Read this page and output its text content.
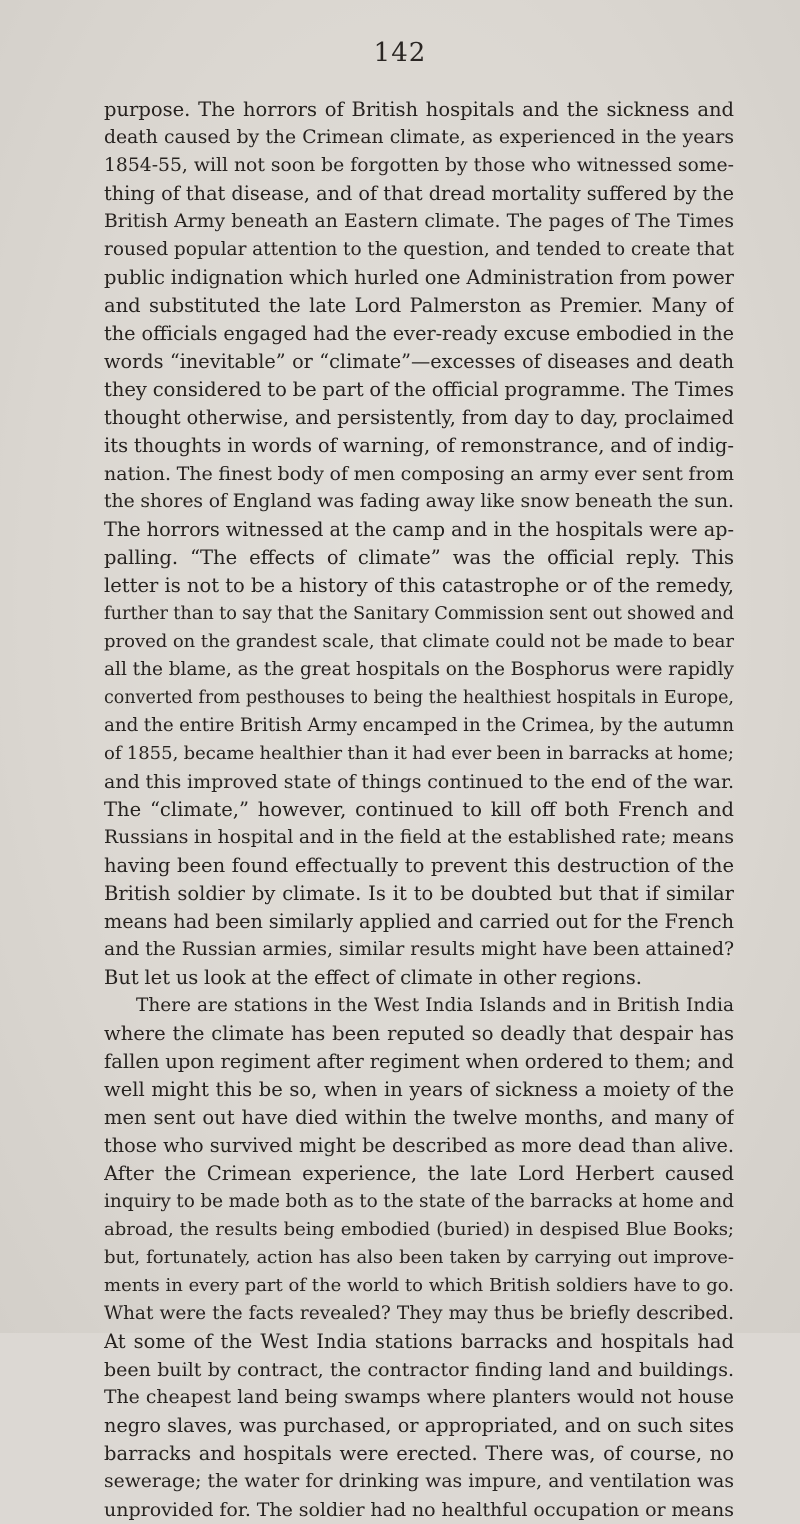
142
purpose. The horrors of British hospitals and the sickness and
death caused by the Crimean climate, as experienced in the years
1854-55, will not soon be forgotten by those who witnessed some-
thing of that disease, and of that dread mortality suffered by the
British Army beneath an Eastern climate. The pages of The Times
roused popular attention to the question, and tended to create that
public indignation which hurled one Administration from power
and substituted the late Lord Palmerston as Premier. Many of
the officials engaged had the ever-ready excuse embodied in the
words “inevitable” or “climate”—excesses of diseases and death
they considered to be part of the official programme. The Times
thought otherwise, and persistently, from day to day, proclaimed
its thoughts in words of warning, of remonstrance, and of indig-
nation. The finest body of men composing an army ever sent from
the shores of England was fading away like snow beneath the sun.
The horrors witnessed at the camp and in the hospitals were ap-
palling. “The effects of climate” was the official reply. This
letter is not to be a history of this catastrophe or of the remedy,
further than to say that the Sanitary Commission sent out showed and
proved on the grandest scale, that climate could not be made to bear
all the blame, as the great hospitals on the Bosphorus were rapidly
converted from pesthouses to being the healthiest hospitals in Europe,
and the entire British Army encamped in the Crimea, by the autumn
of 1855, became healthier than it had ever been in barracks at home;
and this improved state of things continued to the end of the war.
The “climate,” however, continued to kill off both French and
Russians in hospital and in the field at the established rate; means
having been found effectually to prevent this destruction of the
British soldier by climate. Is it to be doubted but that if similar
means had been similarly applied and carried out for the French
and the Russian armies, similar results might have been attained?
But let us look at the effect of climate in other regions.
There are stations in the West India Islands and in British India
where the climate has been reputed so deadly that despair has
fallen upon regiment after regiment when ordered to them; and
well might this be so, when in years of sickness a moiety of the
men sent out have died within the twelve months, and many of
those who survived might be described as more dead than alive.
After the Crimean experience, the late Lord Herbert caused
inquiry to be made both as to the state of the barracks at home and
abroad, the results being embodied (buried) in despised Blue Books;
but, fortunately, action has also been taken by carrying out improve-
ments in every part of the world to which British soldiers have to go.
What were the facts revealed? They may thus be briefly described.
At some of the West India stations barracks and hospitals had
been built by contract, the contractor finding land and buildings.
The cheapest land being swamps where planters would not house
negro slaves, was purchased, or appropriated, and on such sites
barracks and hospitals were erected. There was, of course, no
sewerage; the water for drinking was impure, and ventilation was
unprovided for. The soldier had no healthful occupation or means
